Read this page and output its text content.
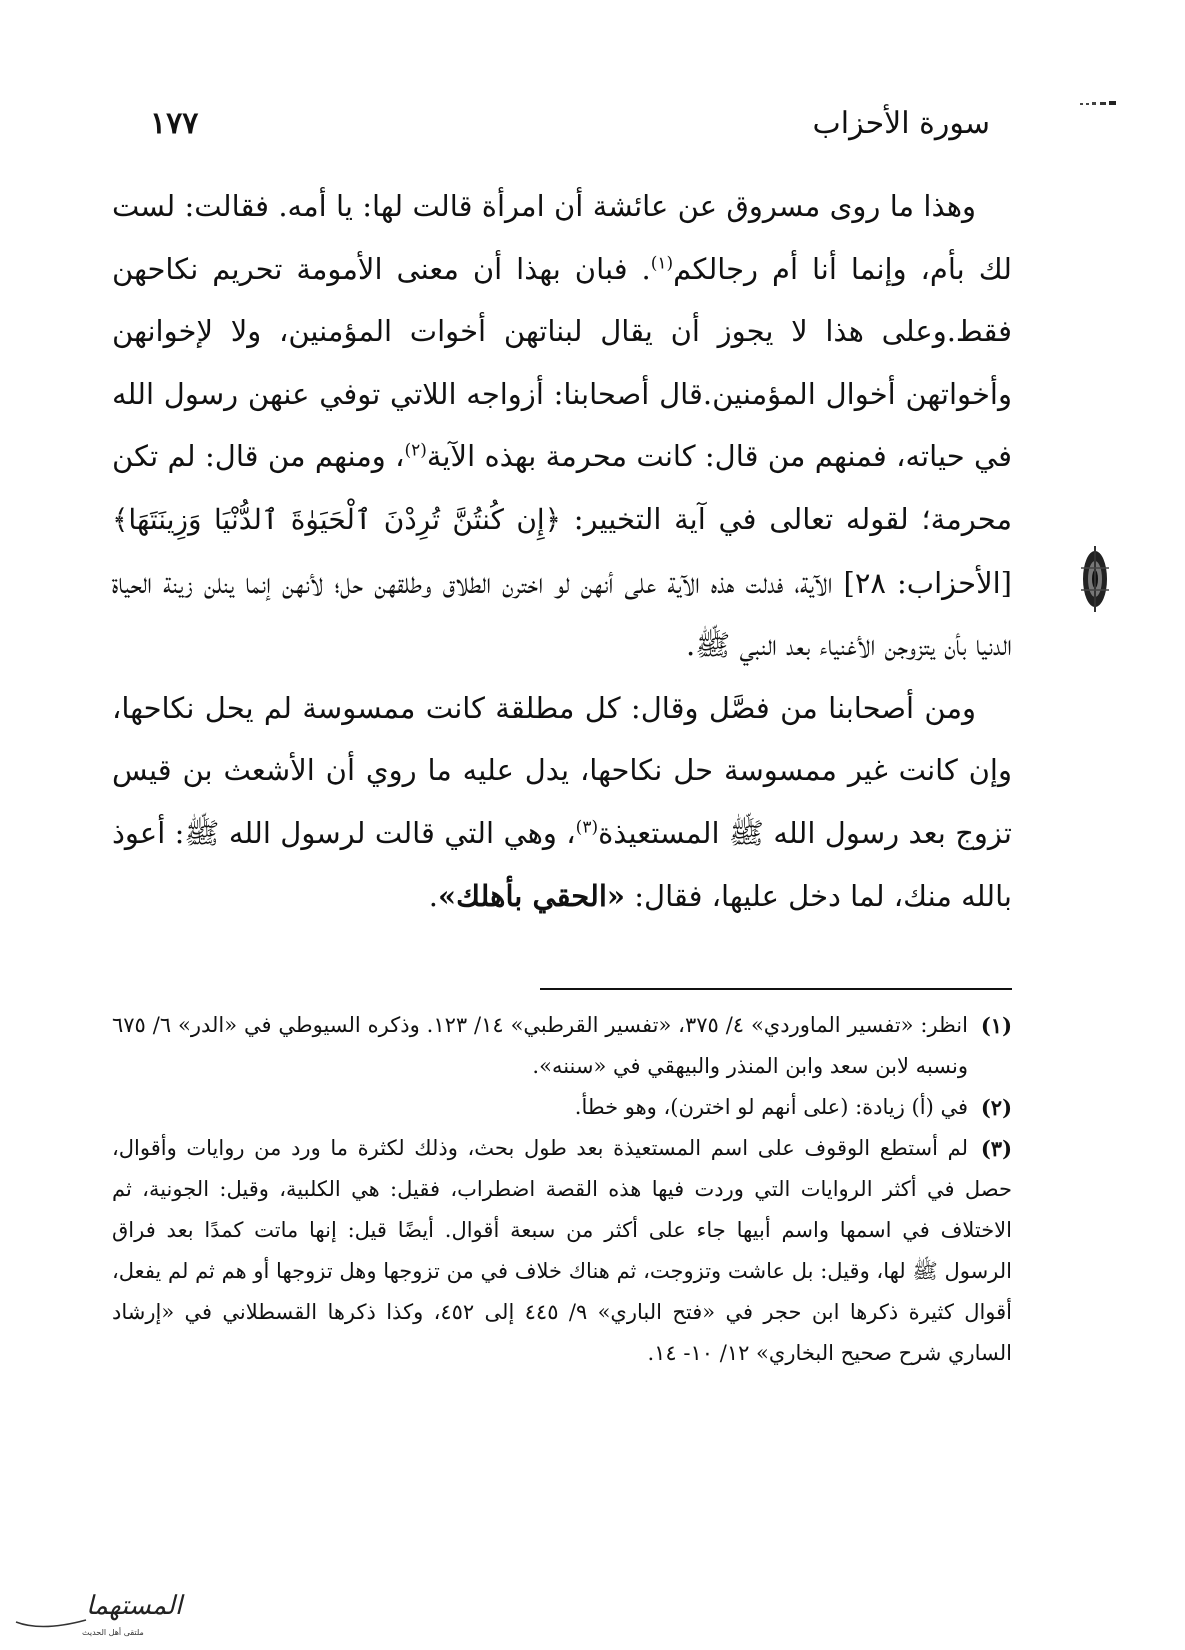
١٧٧	سورة الأحزاب

وهذا ما روى مسروق عن عائشة أن امرأة قالت لها: يا أمه. فقالت: لست لك بأم، وإنما أنا أم رجالكم$^{(١)}$. فبان بهذا أن معنى الأمومة تحريم نكاحهن فقط.وعلى هذا لا يجوز أن يقال لبناتهن أخوات المؤمنين، ولا لإخوانهن وأخواتهن أخوال المؤمنين.قال أصحابنا: أزواجه اللاتي توفي عنهن رسول الله في حياته، فمنهم من قال: كانت محرمة بهذه الآية$^{(٢)}$، ومنهم من قال: لم تكن محرمة؛ لقوله تعالى في آية التخيير: ﴿إِن كُنتُنَّ تُرِدْنَ ٱلْحَيَوٰةَ ٱلدُّنْيَا وَزِينَتَهَا﴾ [الأحزاب: ٢٨] الآية، فدلت هذه الآية على أنهن لو اخترن الطلاق وطلقهن حل؛ لأنهن إنما ينلن زينة الحياة الدنيا بأن يتزوجن الأغنياء بعد النبي ﷺ.

ومن أصحابنا من فصَّل وقال: كل مطلقة كانت ممسوسة لم يحل نكاحها، وإن كانت غير ممسوسة حل نكاحها، يدل عليه ما روي أن الأشعث بن قيس تزوج بعد رسول الله ﷺ المستعيذة$^{(٣)}$، وهي التي قالت لرسول الله ﷺ: أعوذ بالله منك، لما دخل عليها، فقال: «الحقي بأهلك».

(١)
انظر: «تفسير الماوردي» ٤/ ٣٧٥، «تفسير القرطبي» ١٤/ ١٢٣. وذكره السيوطي في «الدر» ٦/ ٦٧٥ ونسبه لابن سعد وابن المنذر والبيهقي في «سننه».
(٢)
في (أ) زيادة: (على أنهم لو اخترن)، وهو خطأ.
(٣)
لم أستطع الوقوف على اسم المستعيذة بعد طول بحث، وذلك لكثرة ما ورد من روايات وأقوال، حصل في أكثر الروايات التي وردت فيها هذه القصة اضطراب، فقيل: هي الكلبية، وقيل: الجونية، ثم الاختلاف في اسمها واسم أبيها جاء على أكثر من سبعة أقوال. أيضًا قيل: إنها ماتت كمدًا بعد فراق الرسول ﷺ لها، وقيل: بل عاشت وتزوجت، ثم هناك خلاف في من تزوجها وهل تزوجها أو هم ثم لم يفعل، أقوال كثيرة ذكرها ابن حجر في «فتح الباري» ٩/ ٤٤٥ إلى ٤٥٢، وكذا ذكرها القسطلاني في «إرشاد الساري شرح صحيح البخاري» ١٢/ ١٠- ١٤.
المستهما
ملتقى أهل الحديث
